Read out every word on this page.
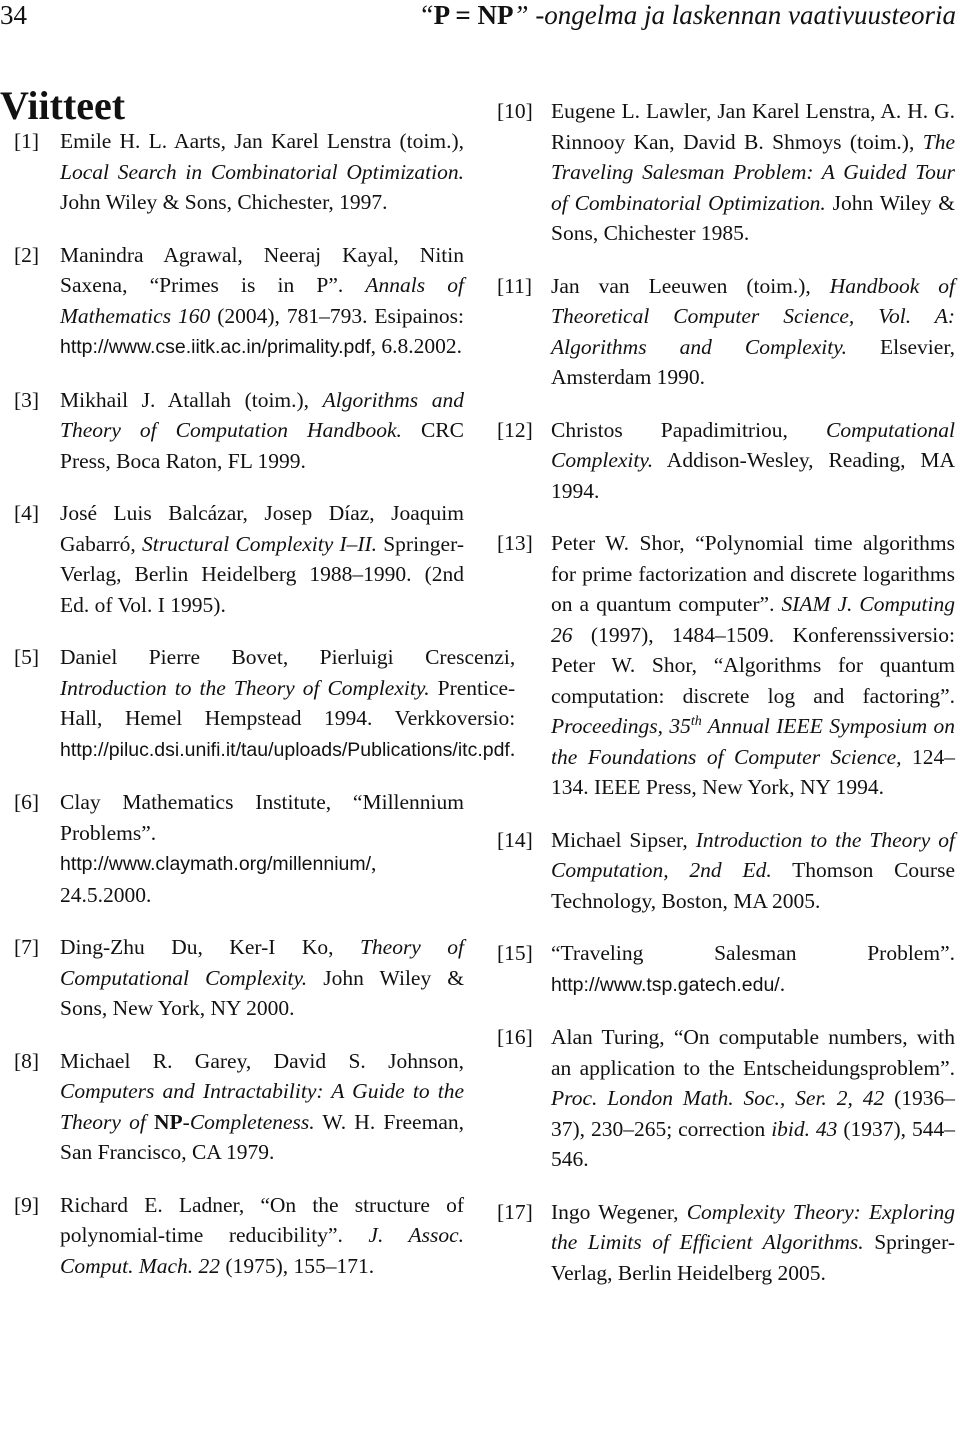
34	“P = NP” -ongelma ja laskennan vaativuusteoria
Viitteet
[1] Emile H. L. Aarts, Jan Karel Lenstra (toim.), Local Search in Combinatorial Optimization. John Wiley & Sons, Chichester, 1997.
[2] Manindra Agrawal, Neeraj Kayal, Nitin Saxena, “Primes is in P”. Annals of Mathematics 160 (2004), 781–793. Esipainos: http://www.cse.iitk.ac.in/primality.pdf, 6.8.2002.
[3] Mikhail J. Atallah (toim.), Algorithms and Theory of Computation Handbook. CRC Press, Boca Raton, FL 1999.
[4] José Luis Balcázar, Josep Díaz, Joaquim Gabarró, Structural Complexity I–II. Springer-Verlag, Berlin Heidelberg 1988–1990. (2nd Ed. of Vol. I 1995).
[5] Daniel Pierre Bovet, Pierluigi Crescenzi, Introduction to the Theory of Complexity. Prentice-Hall, Hemel Hempstead 1994. Verkkoversio: http://piluc.dsi.unifi.it/tau/uploads/Publications/itc.pdf.
[6] Clay Mathematics Institute, “Millennium Problems”. http://www.claymath.org/millennium/, 24.5.2000.
[7] Ding-Zhu Du, Ker-I Ko, Theory of Computational Complexity. John Wiley & Sons, New York, NY 2000.
[8] Michael R. Garey, David S. Johnson, Computers and Intractability: A Guide to the Theory of NP-Completeness. W. H. Freeman, San Francisco, CA 1979.
[9] Richard E. Ladner, “On the structure of polynomial-time reducibility”. J. Assoc. Comput. Mach. 22 (1975), 155–171.
[10] Eugene L. Lawler, Jan Karel Lenstra, A. H. G. Rinnooy Kan, David B. Shmoys (toim.), The Traveling Salesman Problem: A Guided Tour of Combinatorial Optimization. John Wiley & Sons, Chichester 1985.
[11] Jan van Leeuwen (toim.), Handbook of Theoretical Computer Science, Vol. A: Algorithms and Complexity. Elsevier, Amsterdam 1990.
[12] Christos Papadimitriou, Computational Complexity. Addison-Wesley, Reading, MA 1994.
[13] Peter W. Shor, “Polynomial time algorithms for prime factorization and discrete logarithms on a quantum computer”. SIAM J. Computing 26 (1997), 1484–1509. Konferenssiversio: Peter W. Shor, “Algorithms for quantum computation: discrete log and factoring”. Proceedings, 35th Annual IEEE Symposium on the Foundations of Computer Science, 124–134. IEEE Press, New York, NY 1994.
[14] Michael Sipser, Introduction to the Theory of Computation, 2nd Ed. Thomson Course Technology, Boston, MA 2005.
[15] “Traveling Salesman Problem”. http://www.tsp.gatech.edu/.
[16] Alan Turing, “On computable numbers, with an application to the Entscheidungsproblem”. Proc. London Math. Soc., Ser. 2, 42 (1936–37), 230–265; correction ibid. 43 (1937), 544–546.
[17] Ingo Wegener, Complexity Theory: Exploring the Limits of Efficient Algorithms. Springer-Verlag, Berlin Heidelberg 2005.
